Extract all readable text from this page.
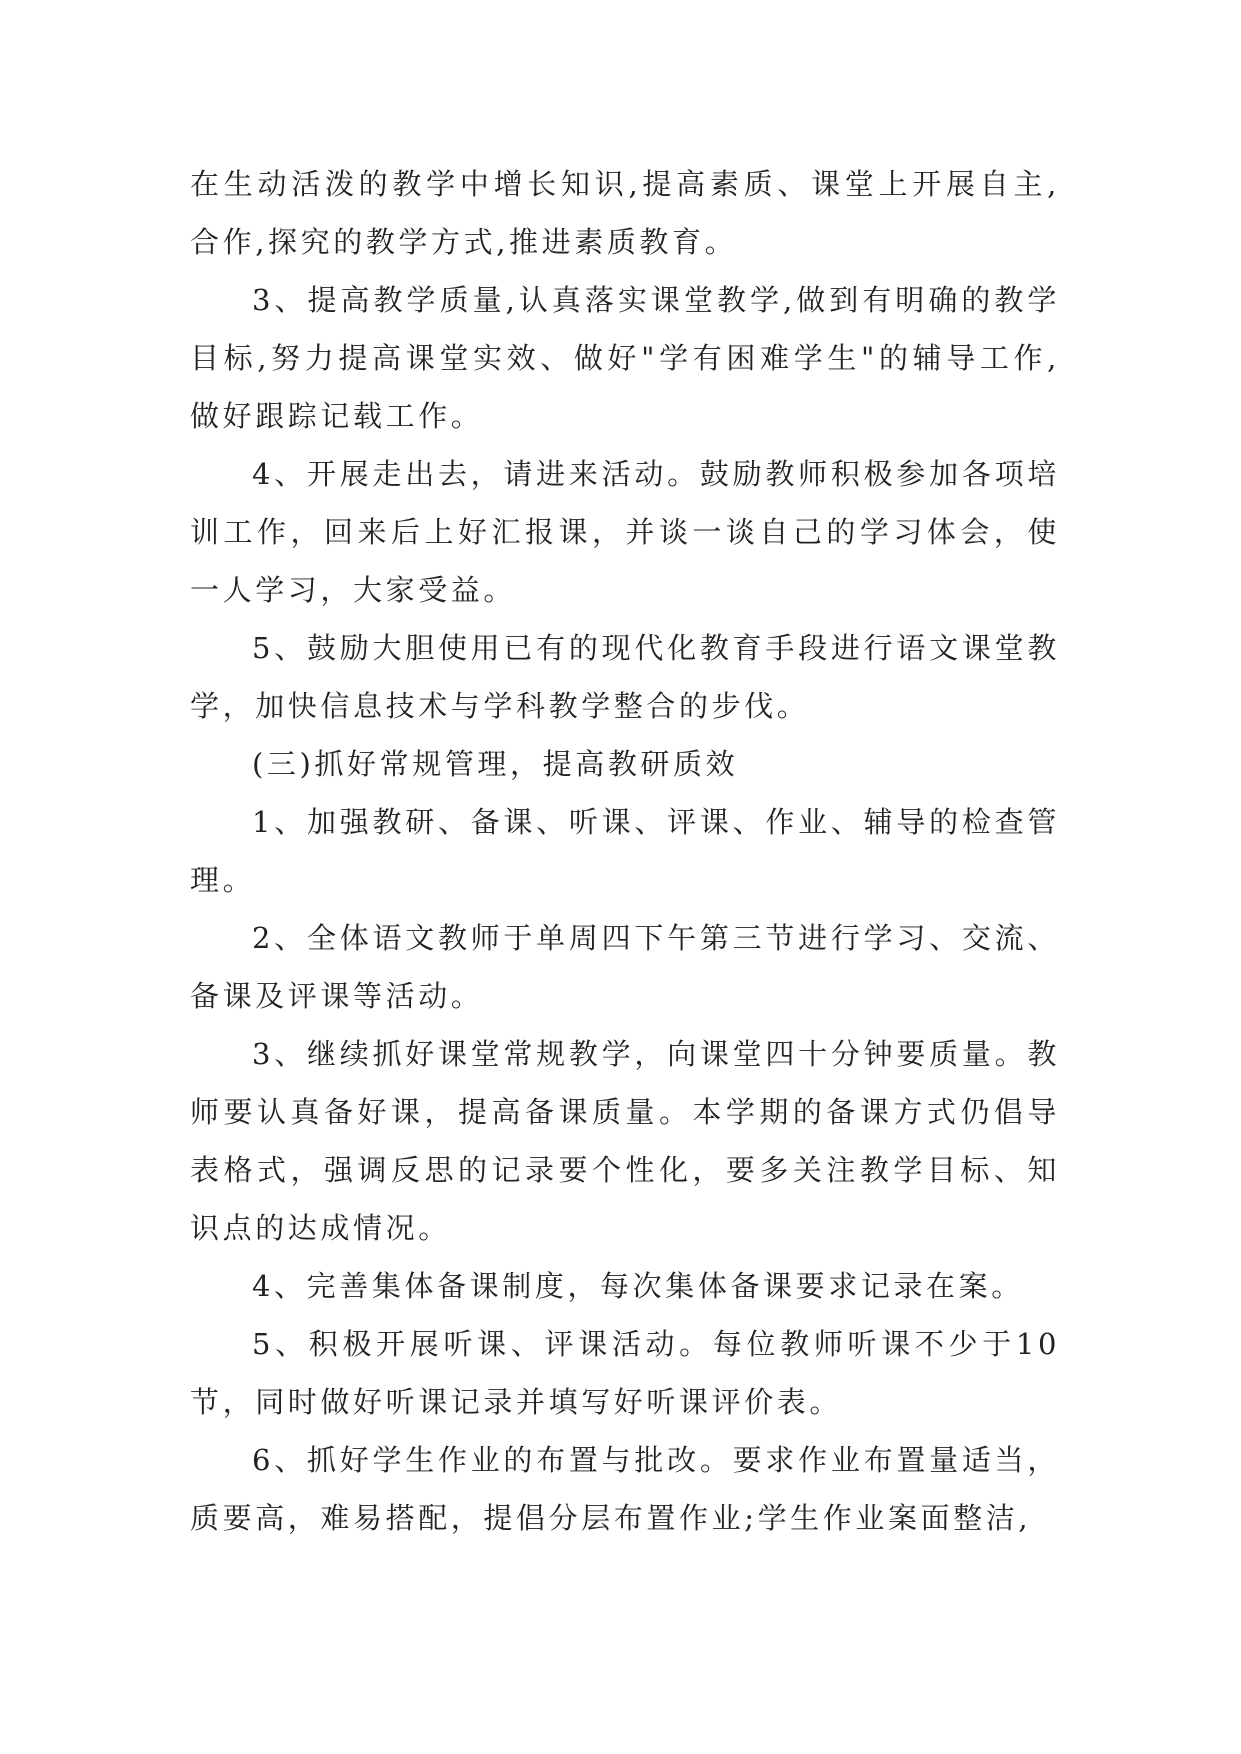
在生动活泼的教学中增长知识,提高素质、课堂上开展自主,合作,探究的教学方式,推进素质教育。

3、提高教学质量,认真落实课堂教学,做到有明确的教学目标,努力提高课堂实效、做好"学有困难学生"的辅导工作,做好跟踪记载工作。

4、开展走出去，请进来活动。鼓励教师积极参加各项培训工作，回来后上好汇报课，并谈一谈自己的学习体会，使一人学习，大家受益。

5、鼓励大胆使用已有的现代化教育手段进行语文课堂教学，加快信息技术与学科教学整合的步伐。

(三)抓好常规管理，提高教研质效

1、加强教研、备课、听课、评课、作业、辅导的检查管理。

2、全体语文教师于单周四下午第三节进行学习、交流、备课及评课等活动。

3、继续抓好课堂常规教学，向课堂四十分钟要质量。教师要认真备好课，提高备课质量。本学期的备课方式仍倡导表格式，强调反思的记录要个性化，要多关注教学目标、知识点的达成情况。

4、完善集体备课制度，每次集体备课要求记录在案。

5、积极开展听课、评课活动。每位教师听课不少于10节，同时做好听课记录并填写好听课评价表。

6、抓好学生作业的布置与批改。要求作业布置量适当，质要高，难易搭配，提倡分层布置作业;学生作业案面整洁,
